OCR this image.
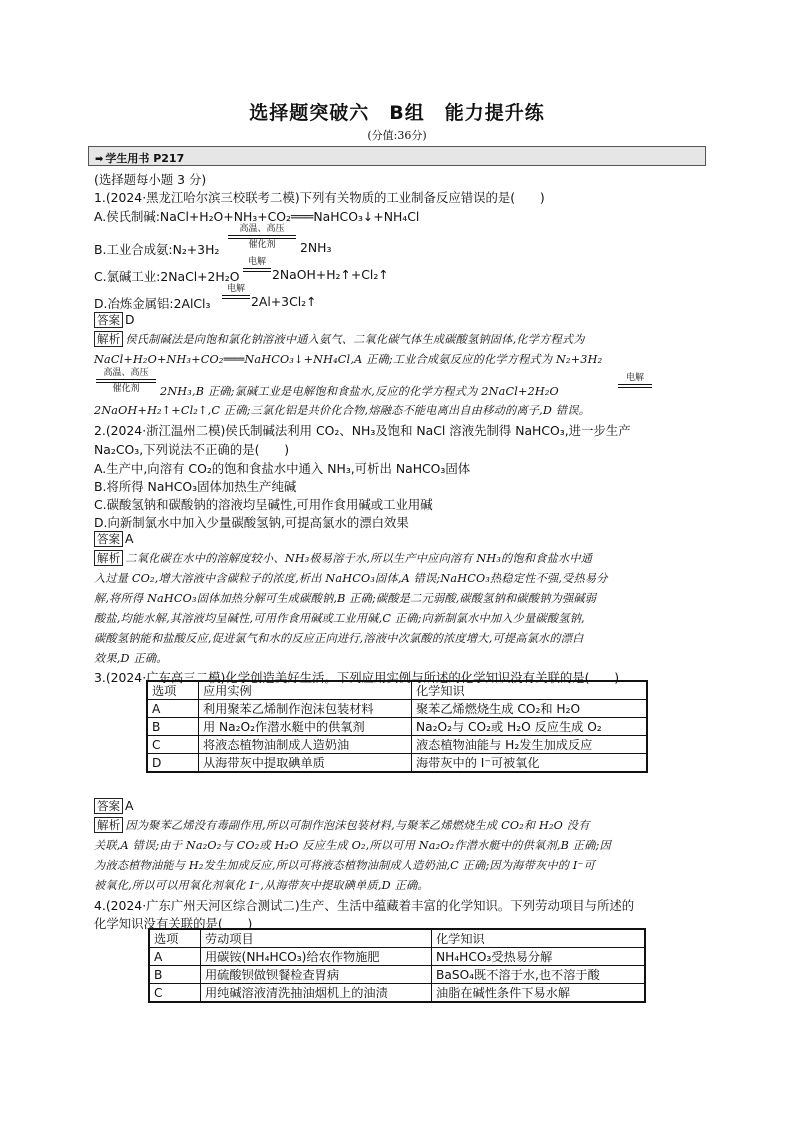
选择题突破六　B组　能力提升练
(分值:36分)
➡ 学生用书 P217
(选择题每小题 3 分)
1.(2024·黑龙江哈尔滨三校联考二模)下列有关物质的工业制备反应错误的是(　　)
A.侯氏制碱:NaCl+H₂O+NH₃+CO₂═══NaHCO₃↓+NH₄Cl
B.工业合成氨:N₂+3H₂
高温、高压
催化剂	2NH₃
C.氯碱工业:2NaCl+2H₂O
电解
2NaOH+H₂↑+Cl₂↑
D.冶炼金属铝:2AlCl₃
电解
2Al+3Cl₂↑
答案 D
解析 侯氏制碱法是向饱和氯化钠溶液中通入氨气、二氧化碳气体生成碳酸氢钠固体,化学方程式为
NaCl+H₂O+NH₃+CO₂═══NaHCO₃↓+NH₄Cl,A 正确;工业合成氨反应的化学方程式为 N₂+3H₂
高温、高压
催化剂	2NH₃,B 正确;氯碱工业是电解饱和食盐水,反应的化学方程式为 2NaCl+2H₂O
电解
2NaOH+H₂↑+Cl₂↑,C 正确;三氯化铝是共价化合物,熔融态不能电离出自由移动的离子,D 错误。
2.(2024·浙江温州二模)侯氏制碱法利用 CO₂、NH₃及饱和 NaCl 溶液先制得 NaHCO₃,进一步生产
Na₂CO₃,下列说法不正确的是(　　)
A.生产中,向溶有 CO₂的饱和食盐水中通入 NH₃,可析出 NaHCO₃固体
B.将所得 NaHCO₃固体加热生产纯碱
C.碳酸氢钠和碳酸钠的溶液均呈碱性,可用作食用碱或工业用碱
D.向新制氯水中加入少量碳酸氢钠,可提高氯水的漂白效果
答案 A
解析 二氧化碳在水中的溶解度较小、NH₃极易溶于水,所以生产中应向溶有 NH₃的饱和食盐水中通
入过量 CO₂,增大溶液中含碳粒子的浓度,析出 NaHCO₃固体,A 错误;NaHCO₃热稳定性不强,受热易分
解,将所得 NaHCO₃固体加热分解可生成碳酸钠,B 正确;碳酸是二元弱酸,碳酸氢钠和碳酸钠为强碱弱
酸盐,均能水解,其溶液均呈碱性,可用作食用碱或工业用碱,C 正确;向新制氯水中加入少量碳酸氢钠,
碳酸氢钠能和盐酸反应,促进氯气和水的反应正向进行,溶液中次氯酸的浓度增大,可提高氯水的漂白
效果,D 正确。
3.(2024·广东高三二模)化学创造美好生活。下列应用实例与所述的化学知识没有关联的是(　　)
选项	应用实例	化学知识
A	利用聚苯乙烯制作泡沫包装材料	聚苯乙烯燃烧生成 CO₂和 H₂O
B	用 Na₂O₂作潜水艇中的供氧剂	Na₂O₂与 CO₂或 H₂O 反应生成 O₂
C	将液态植物油制成人造奶油	液态植物油能与 H₂发生加成反应
D	从海带灰中提取碘单质	海带灰中的 I⁻可被氧化
答案 A
解析 因为聚苯乙烯没有毒副作用,所以可制作泡沫包装材料,与聚苯乙烯燃烧生成 CO₂和 H₂O 没有
关联,A 错误;由于 Na₂O₂与 CO₂或 H₂O 反应生成 O₂,所以可用 Na₂O₂作潜水艇中的供氧剂,B 正确;因
为液态植物油能与 H₂发生加成反应,所以可将液态植物油制成人造奶油,C 正确;因为海带灰中的 I⁻可
被氧化,所以可以用氧化剂氧化 I⁻,从海带灰中提取碘单质,D 正确。
4.(2024·广东广州天河区综合测试二)生产、生活中蕴藏着丰富的化学知识。下列劳动项目与所述的
化学知识没有关联的是(　　)
选项	劳动项目	化学知识
A	用碳铵(NH₄HCO₃)给农作物施肥	NH₄HCO₃受热易分解
B	用硫酸钡做钡餐检查胃病	BaSO₄既不溶于水,也不溶于酸
C	用纯碱溶液清洗抽油烟机上的油渍	油脂在碱性条件下易水解
